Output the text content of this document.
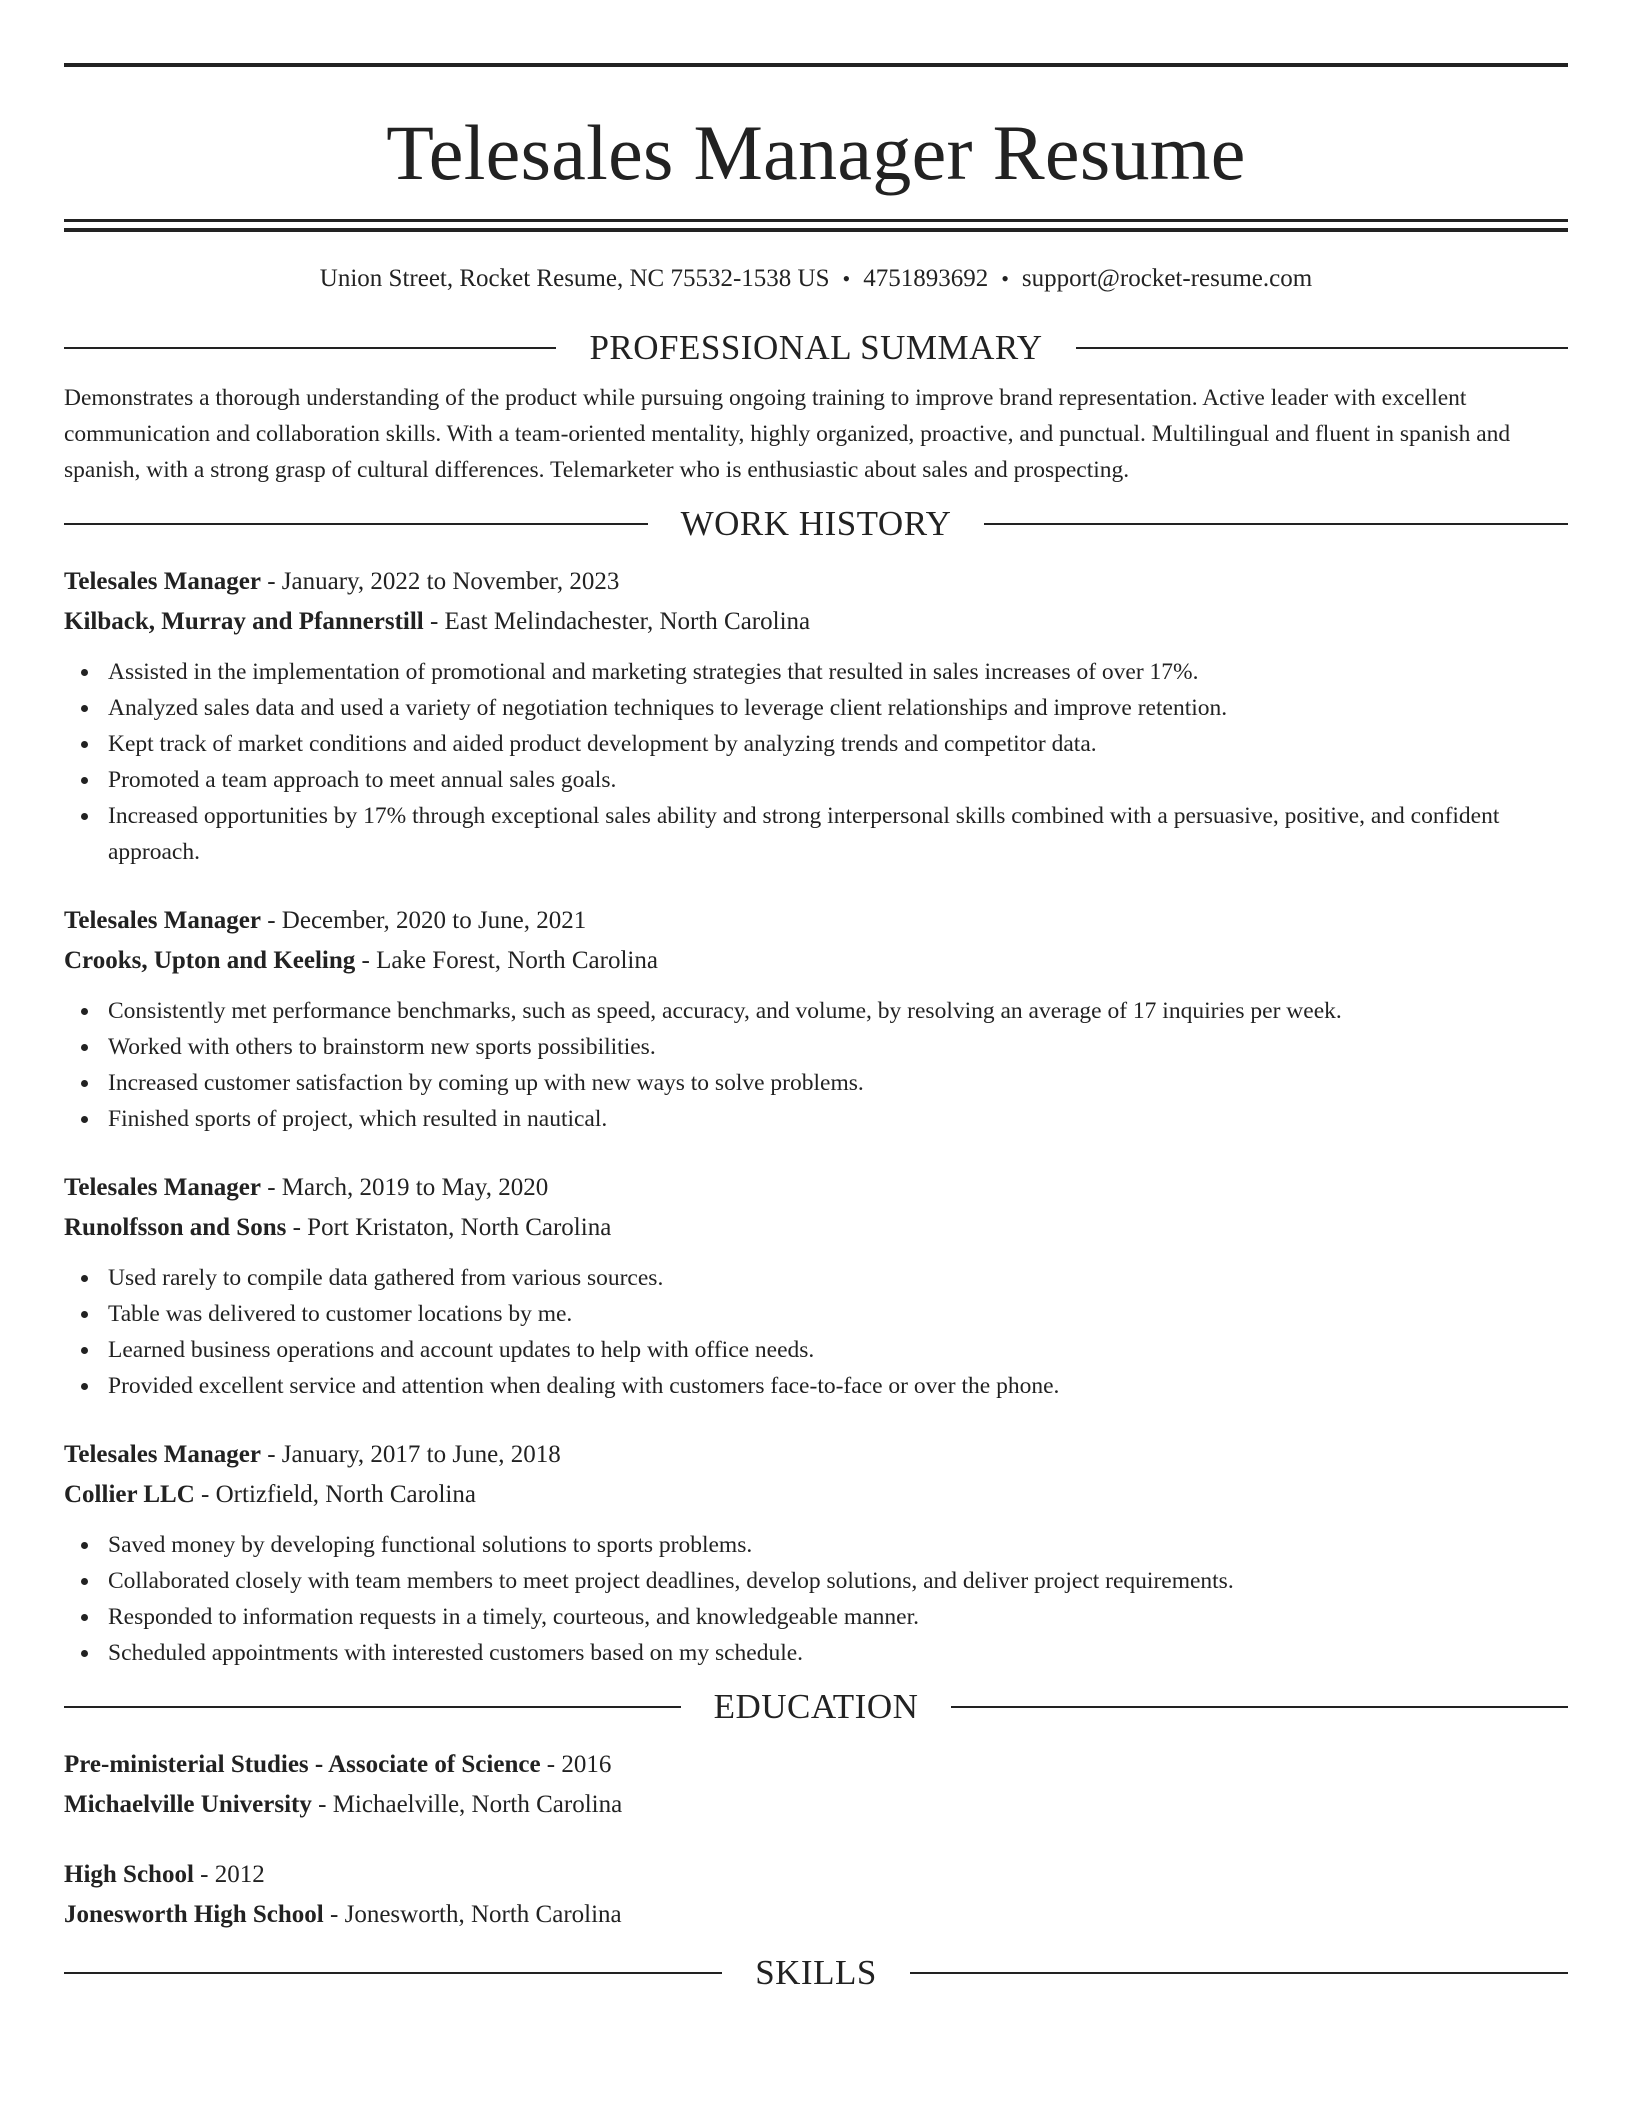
Telesales Manager Resume
Union Street, Rocket Resume, NC 75532-1538 US • 4751893692 • support@rocket-resume.com
PROFESSIONAL SUMMARY

Demonstrates a thorough understanding of the product while pursuing ongoing training to improve brand representation. Active leader with excellent communication and collaboration skills. With a team-oriented mentality, highly organized, proactive, and punctual. Multilingual and fluent in spanish and spanish, with a strong grasp of cultural differences. Telemarketer who is enthusiastic about sales and prospecting.

WORK HISTORY
Telesales Manager - January, 2022 to November, 2023
Kilback, Murray and Pfannerstill - East Melindachester, North Carolina
Assisted in the implementation of promotional and marketing strategies that resulted in sales increases of over 17%.
Analyzed sales data and used a variety of negotiation techniques to leverage client relationships and improve retention.
Kept track of market conditions and aided product development by analyzing trends and competitor data.
Promoted a team approach to meet annual sales goals.
Increased opportunities by 17% through exceptional sales ability and strong interpersonal skills combined with a persuasive, positive, and confident approach.
Telesales Manager - December, 2020 to June, 2021
Crooks, Upton and Keeling - Lake Forest, North Carolina
Consistently met performance benchmarks, such as speed, accuracy, and volume, by resolving an average of 17 inquiries per week.
Worked with others to brainstorm new sports possibilities.
Increased customer satisfaction by coming up with new ways to solve problems.
Finished sports of project, which resulted in nautical.
Telesales Manager - March, 2019 to May, 2020
Runolfsson and Sons - Port Kristaton, North Carolina
Used rarely to compile data gathered from various sources.
Table was delivered to customer locations by me.
Learned business operations and account updates to help with office needs.
Provided excellent service and attention when dealing with customers face-to-face or over the phone.
Telesales Manager - January, 2017 to June, 2018
Collier LLC - Ortizfield, North Carolina
Saved money by developing functional solutions to sports problems.
Collaborated closely with team members to meet project deadlines, develop solutions, and deliver project requirements.
Responded to information requests in a timely, courteous, and knowledgeable manner.
Scheduled appointments with interested customers based on my schedule.
EDUCATION
Pre-ministerial Studies - Associate of Science - 2016
Michaelville University - Michaelville, North Carolina
High School - 2012
Jonesworth High School - Jonesworth, North Carolina
SKILLS
